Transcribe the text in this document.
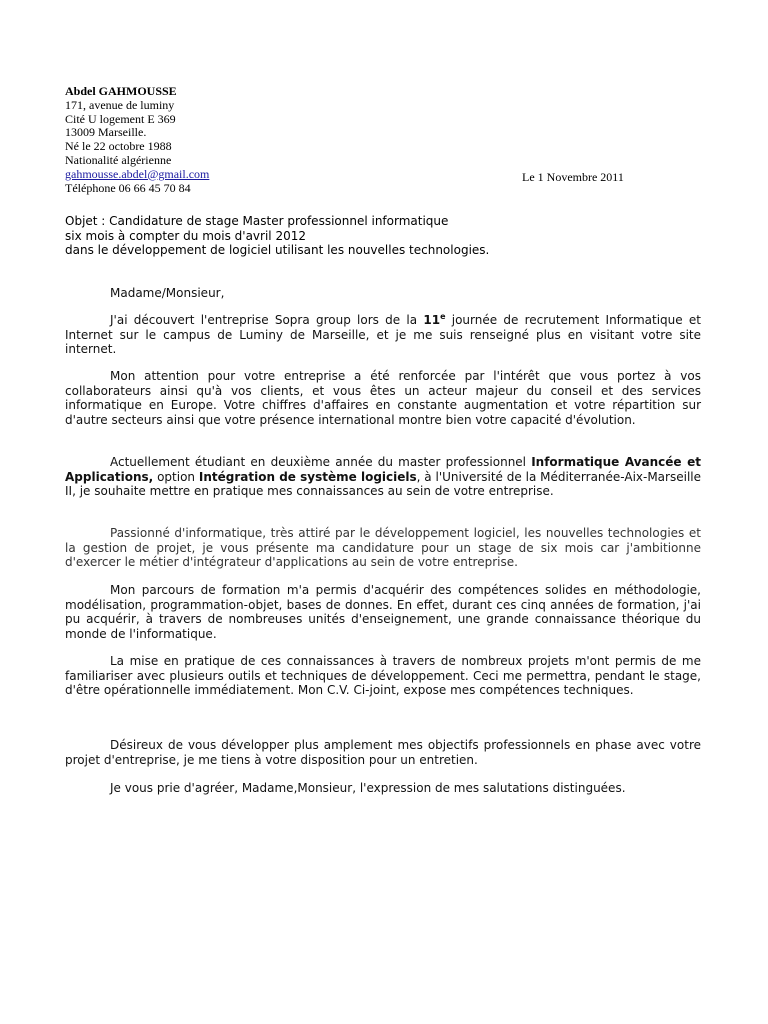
Abdel GAHMOUSSE
171, avenue de luminy
Cité U logement E 369
13009 Marseille.
Né le 22 octobre 1988
Nationalité algérienne
gahmousse.abdel@gmail.com
Téléphone 06 66 45 70 84
Le 1 Novembre 2011
Objet : Candidature de stage Master professionnel informatique
six mois à compter du mois d'avril 2012
dans le développement de logiciel utilisant les nouvelles technologies.

Madame/Monsieur,

J'ai découvert l'entreprise Sopra group lors de la 11e journée de recrutement Informatique et Internet sur le campus de Luminy de Marseille, et je me suis renseigné plus en visitant votre site internet.

Mon attention pour votre entreprise a été renforcée par l'intérêt que vous portez à vos collaborateurs ainsi qu'à vos clients, et vous êtes un acteur majeur du conseil et des services informatique en Europe. Votre chiffres d'affaires en constante augmentation et votre répartition sur d'autre secteurs ainsi que votre présence international montre bien votre capacité d'évolution.

Actuellement étudiant en deuxième année du master professionnel Informatique Avancée et Applications, option Intégration de système logiciels, à l'Université de la Méditerranée-Aix-Marseille II, je souhaite mettre en pratique mes connaissances au sein de votre entreprise.

Passionné d'informatique, très attiré par le développement logiciel, les nouvelles technologies et la gestion de projet, je vous présente ma candidature pour un stage de six mois car j'ambitionne d'exercer le métier d'intégrateur d'applications au sein de votre entreprise.

Mon parcours de formation m'a permis d'acquérir des compétences solides en méthodologie, modélisation, programmation-objet, bases de donnes. En effet, durant ces cinq années de formation, j'ai pu acquérir, à travers de nombreuses unités d'enseignement, une grande connaissance théorique du monde de l'informatique.

La mise en pratique de ces connaissances à travers de nombreux projets m'ont permis de me familiariser avec plusieurs outils et techniques de développement. Ceci me permettra, pendant le stage, d'être opérationnelle immédiatement. Mon C.V. Ci-joint, expose mes compétences techniques.

Désireux de vous développer plus amplement mes objectifs professionnels en phase avec votre projet d'entreprise, je me tiens à votre disposition pour un entretien.

Je vous prie d'agréer, Madame,Monsieur, l'expression de mes salutations distinguées.
